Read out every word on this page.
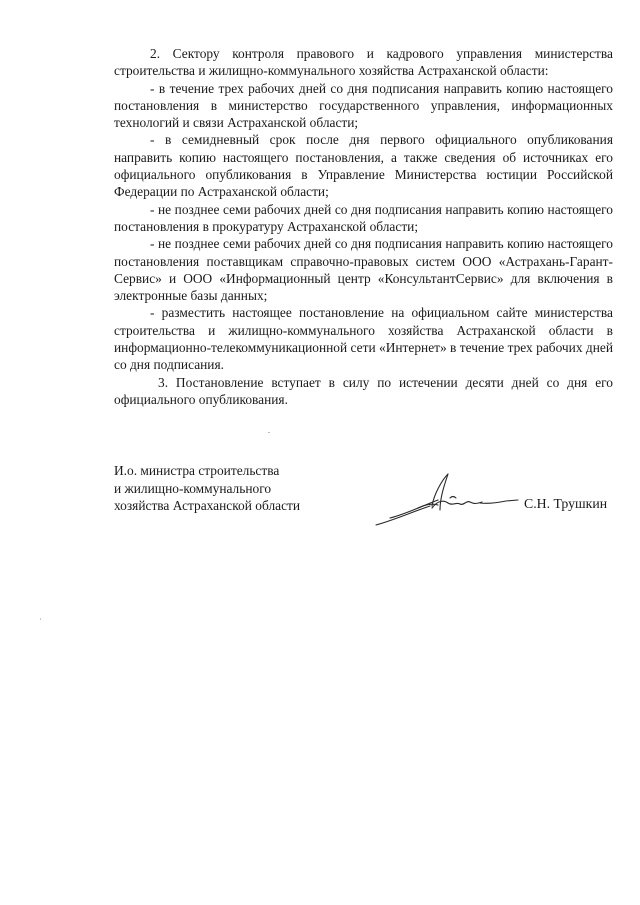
2. Сектору контроля правового и кадрового управления министерства строительства и жилищно-коммунального хозяйства Астраханской области:

- в течение трех рабочих дней со дня подписания направить копию настоящего постановления в министерство государственного управления, информационных технологий и связи Астраханской области;

- в семидневный срок после дня первого официального опубликования направить копию настоящего постановления, а также сведения об источниках его официального опубликования в Управление Министерства юстиции Российской Федерации по Астраханской области;

- не позднее семи рабочих дней со дня подписания направить копию настоящего постановления в прокуратуру Астраханской области;

- не позднее семи рабочих дней со дня подписания направить копию настоящего постановления поставщикам справочно-правовых систем ООО «Астрахань-Гарант-Сервис» и ООО «Информационный центр «КонсультантСервис» для включения в электронные базы данных;

- разместить настоящее постановление на официальном сайте министерства строительства и жилищно-коммунального хозяйства Астраханской области в информационно-телекоммуникационной сети «Интернет» в течение трех рабочих дней со дня подписания.

3. Постановление вступает в силу по истечении десяти дней со дня его официального опубликования.

И.о. министра строительства
и жилищно-коммунального
хозяйства Астраханской области	С.Н. Трушкин
